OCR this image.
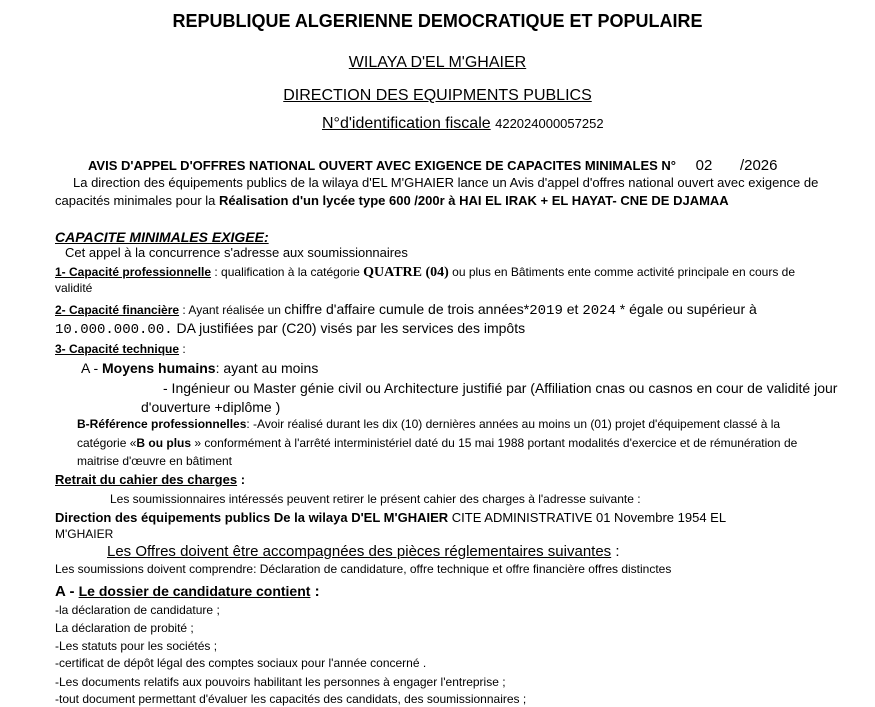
REPUBLIQUE ALGERIENNE DEMOCRATIQUE ET POPULAIRE
WILAYA D'EL M'GHAIER
DIRECTION DES EQUIPMENTS PUBLICS
N°d'identification fiscale 422024000057252
AVIS D'APPEL D'OFFRES NATIONAL OUVERT AVEC EXIGENCE DE CAPACITES MINIMALES N° 02 /2026
La direction des équipements publics de la wilaya d'EL M'GHAIER lance un Avis d'appel d'offres national ouvert avec exigence de
capacités minimales pour la Réalisation d'un lycée type 600 /200r à HAI EL IRAK + EL HAYAT- CNE DE DJAMAA
CAPACITE MINIMALES EXIGEE:
Cet appel à la concurrence s'adresse aux soumissionnaires
1- Capacité professionnelle : qualification à la catégorie QUATRE (04) ou plus en Bâtiments ente comme activité principale en cours de
validité
2- Capacité financière : Ayant réalisée un chiffre d'affaire cumule de trois années*2019 et 2024 * égale ou supérieur à
10.000.000.00. DA justifiées par (C20) visés par les services des impôts
3- Capacité technique :
A - Moyens humains: ayant au moins
- Ingénieur ou Master génie civil ou Architecture justifié par (Affiliation cnas ou casnos en cour de validité jour
d'ouverture +diplôme )
B-Référence professionnelles: -Avoir réalisé durant les dix (10) dernières années au moins un (01) projet d'équipement classé à la
catégorie «B ou plus » conformément à l'arrêté interministériel daté du 15 mai 1988 portant modalités d'exercice et de rémunération de
maitrise d'œuvre en bâtiment
Retrait du cahier des charges :
Les soumissionnaires intéressés peuvent retirer le présent cahier des charges à l'adresse suivante :
Direction des équipements publics De la wilaya D'EL M'GHAIER CITE ADMINISTRATIVE 01 Novembre 1954 EL
M'GHAIER
Les Offres doivent être accompagnées des pièces réglementaires suivantes :
Les soumissions doivent comprendre: Déclaration de candidature, offre technique et offre financière offres distinctes
A - Le dossier de candidature contient :
-la déclaration de candidature ;
La déclaration de probité ;
-Les statuts pour les sociétés ;
-certificat de dépôt légal des comptes sociaux pour l'année concerné .
-Les documents relatifs aux pouvoirs habilitant les personnes à engager l'entreprise ;
-tout document permettant d'évaluer les capacités des candidats, des soumissionnaires ;
